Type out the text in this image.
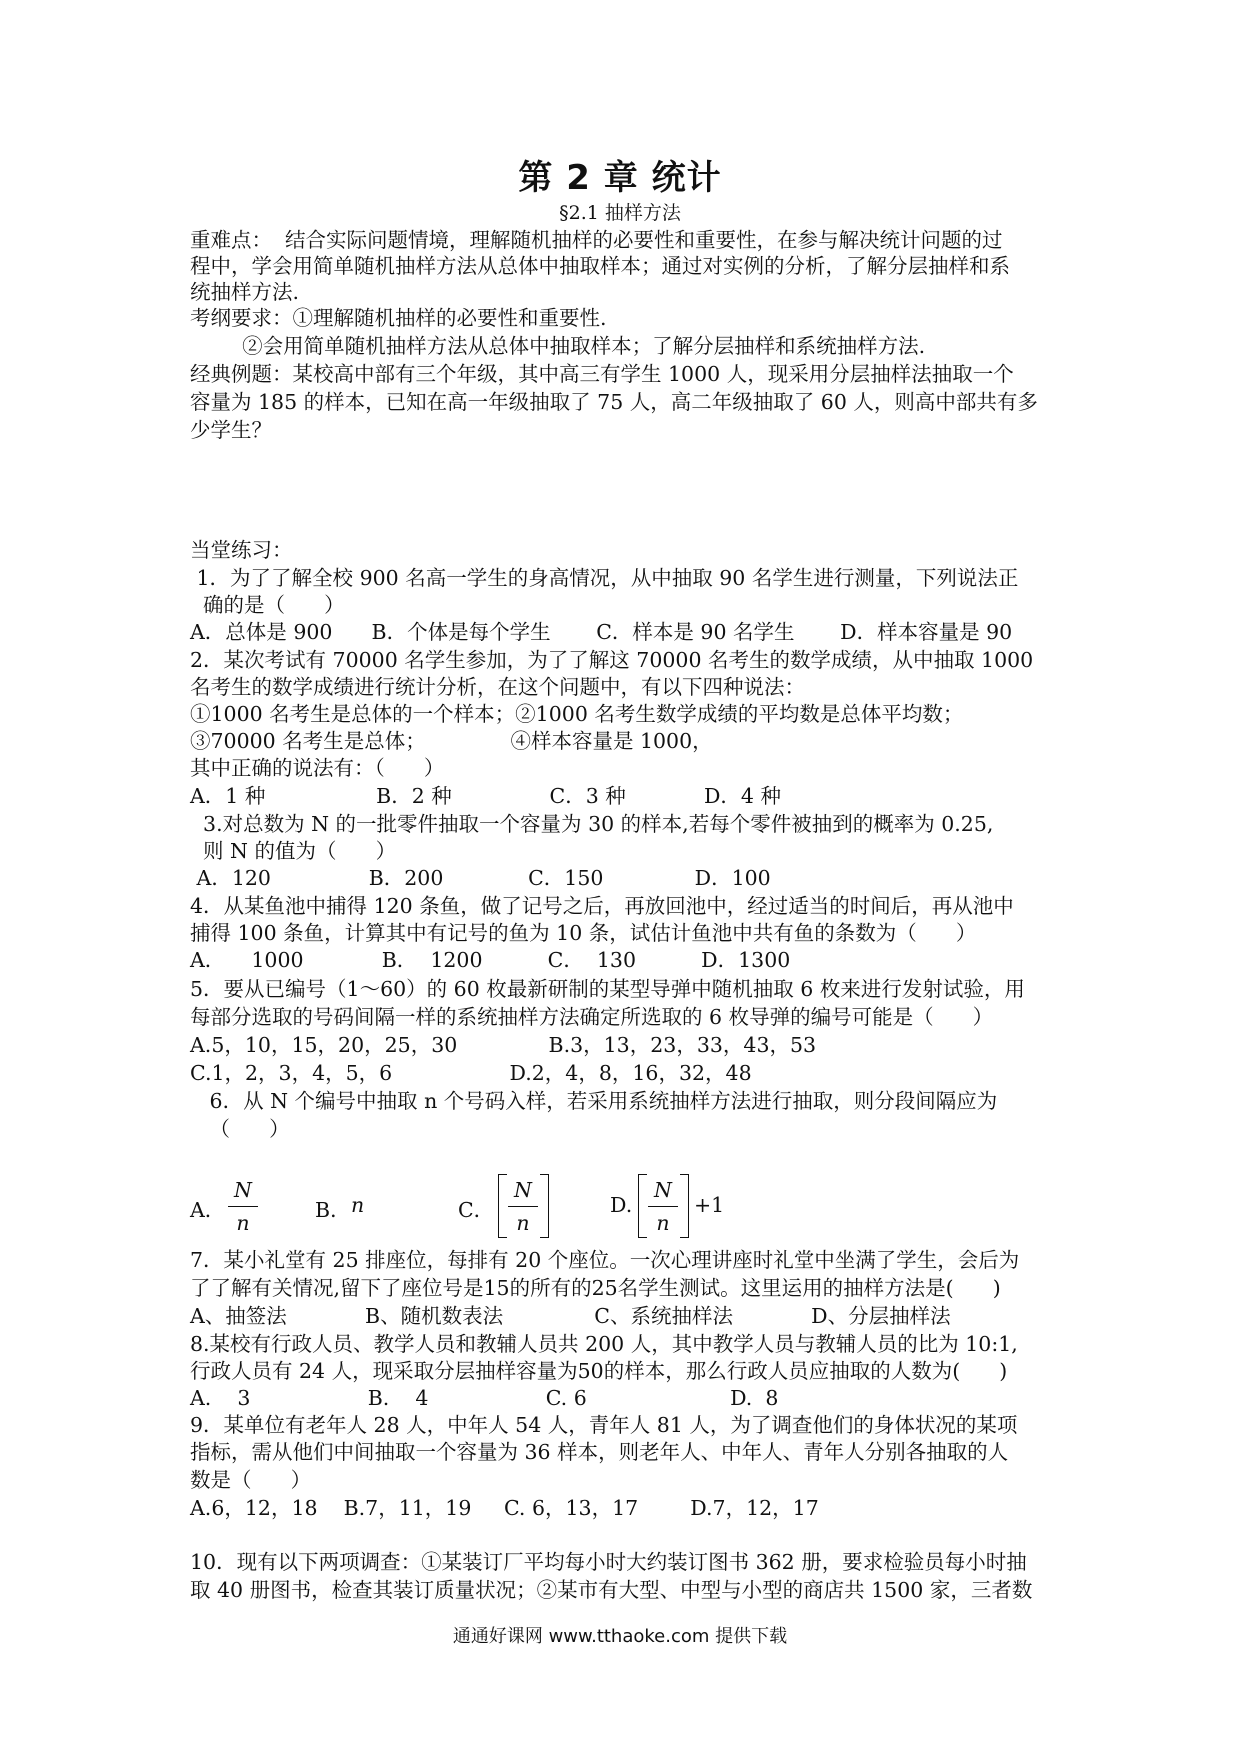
第 2 章 统计
§2.1 抽样方法
重难点：  结合实际问题情境，理解随机抽样的必要性和重要性，在参与解决统计问题的过
程中，学会用简单随机抽样方法从总体中抽取样本；通过对实例的分析，了解分层抽样和系
统抽样方法.
考纲要求：①理解随机抽样的必要性和重要性.
②会用简单随机抽样方法从总体中抽取样本；了解分层抽样和系统抽样方法.
经典例题：某校高中部有三个年级，其中高三有学生 1000 人，现采用分层抽样法抽取一个
容量为 185 的样本，已知在高一年级抽取了 75 人，高二年级抽取了 60 人，则高中部共有多
少学生？
当堂练习：
1．为了了解全校 900 名高一学生的身高情况，从中抽取 90 名学生进行测量，下列说法正
确的是（      ）
A．总体是 900      B．个体是每个学生       C．样本是 90 名学生       D．样本容量是 90
2．某次考试有 70000 名学生参加，为了了解这 70000 名考生的数学成绩，从中抽取 1000
名考生的数学成绩进行统计分析，在这个问题中，有以下四种说法：
①1000 名考生是总体的一个样本；②1000 名考生数学成绩的平均数是总体平均数；
③70000 名考生是总体；             ④样本容量是 1000，
其中正确的说法有：（      ）
A．1 种                 B．2 种               C．3 种            D．4 种
3.对总数为 N 的一批零件抽取一个容量为 30 的样本,若每个零件被抽到的概率为 0.25,
则 N 的值为（      ）
A．120               B．200             C．150              D．100
4．从某鱼池中捕得 120 条鱼，做了记号之后，再放回池中，经过适当的时间后，再从池中
捕得 100 条鱼，计算其中有记号的鱼为 10 条，试估计鱼池中共有鱼的条数为（      ）
A．    1000            B．  1200          C．  130          D．1300
5．要从已编号（1～60）的 60 枚最新研制的某型导弹中随机抽取 6 枚来进行发射试验，用
每部分选取的号码间隔一样的系统抽样方法确定所选取的 6 枚导弹的编号可能是（      ）
A.5，10，15，20，25，30              B.3，13，23，33，43，53
C.1，2，3，4，5，6                  D.2，4，8，16，32，48
6．从 N 个编号中抽取 n 个号码入样，若采用系统抽样方法进行抽取，则分段间隔应为
（      ）
A．
N
n
B． n	C．
N
n
D.
N
n
+1
7．某小礼堂有 25 排座位，每排有 20 个座位。一次心理讲座时礼堂中坐满了学生，会后为
了了解有关情况,留下了座位号是15的所有的25名学生测试。这里运用的抽样方法是(      )
A、抽签法            B、随机数表法              C、系统抽样法            D、分层抽样法
8.某校有行政人员、教学人员和教辅人员共 200 人，其中教学人员与教辅人员的比为 10:1,
行政人员有 24 人，现采取分层抽样容量为50的样本，那么行政人员应抽取的人数为(      )
A.    3                  B.    4                  C. 6                      D.  8
9．某单位有老年人 28 人，中年人 54 人，青年人 81 人，为了调查他们的身体状况的某项
指标，需从他们中间抽取一个容量为 36 样本，则老年人、中年人、青年人分别各抽取的人
数是（      ）
A.6，12，18    B.7，11，19     C. 6，13，17        D.7，12，17
10．现有以下两项调查：①某装订厂平均每小时大约装订图书 362 册，要求检验员每小时抽
取 40 册图书，检查其装订质量状况；②某市有大型、中型与小型的商店共 1500 家，三者数
通通好课网 www.tthaoke.com 提供下载
